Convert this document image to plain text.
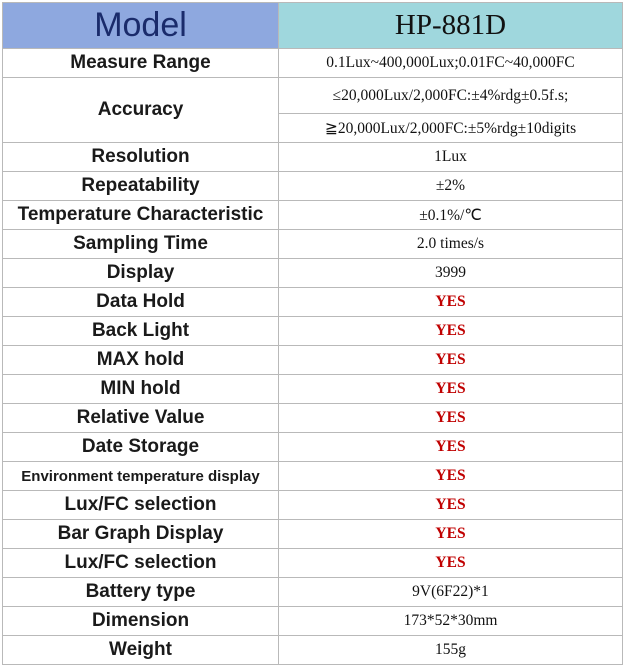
Model	HP-881D
Measure Range	0.1Lux~400,000Lux;0.01FC~40,000FC
Accuracy	≤20,000Lux/2,000FC:±4%rdg±0.5f.s;
	≧20,000Lux/2,000FC:±5%rdg±10digits
Resolution	1Lux
Repeatability	±2%
Temperature Characteristic	±0.1%/℃
Sampling Time	2.0 times/s
Display	3999
Data Hold	YES
Back Light	YES
MAX hold	YES
MIN hold	YES
Relative Value	YES
Date Storage	YES
Environment temperature display	YES
Lux/FC selection	YES
Bar Graph Display	YES
Lux/FC selection	YES
Battery type	9V(6F22)*1
Dimension	173*52*30mm
Weight	155g
